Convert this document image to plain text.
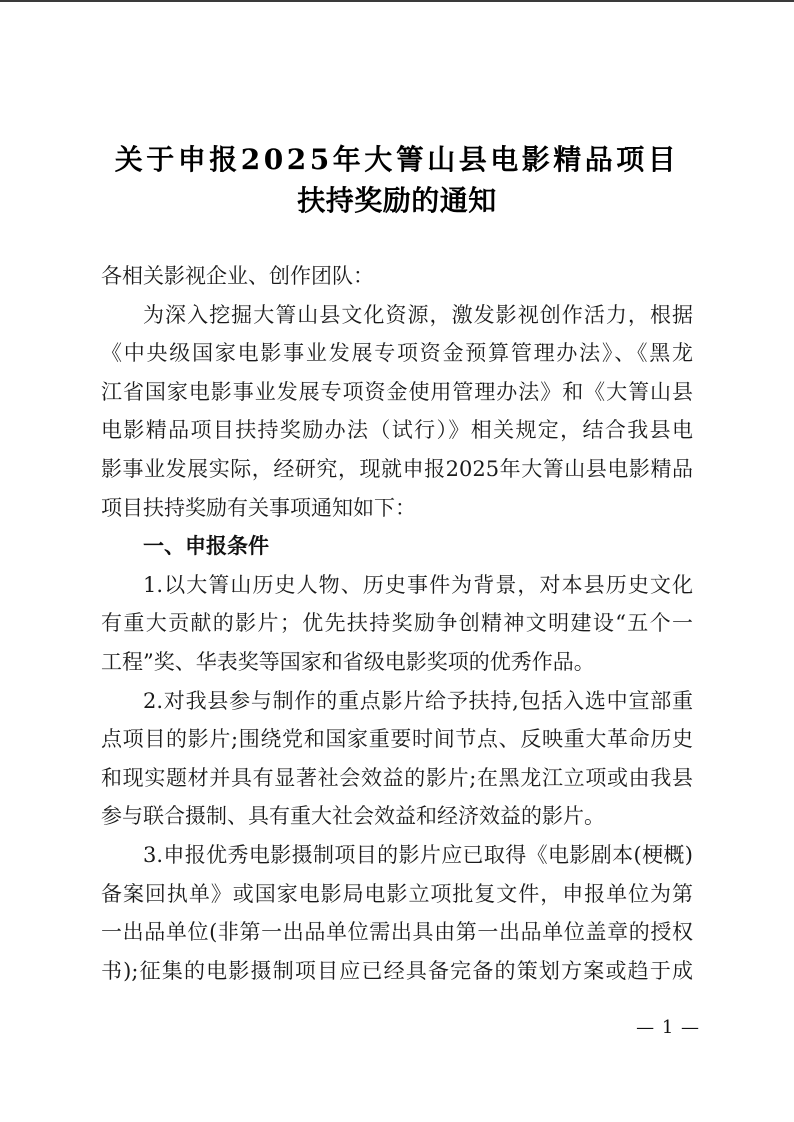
关于申报2025年大箐山县电影精品项目
扶持奖励的通知
各相关影视企业、创作团队：
为深入挖掘大箐山县文化资源，激发影视创作活力，根据
《中央级国家电影事业发展专项资金预算管理办法》、《黑龙
江省国家电影事业发展专项资金使用管理办法》和《大箐山县
电影精品项目扶持奖励办法（试行）》相关规定，结合我县电
影事业发展实际，经研究，现就申报2025年大箐山县电影精品
项目扶持奖励有关事项通知如下：
一、申报条件
1.以大箐山历史人物、历史事件为背景，对本县历史文化
有重大贡献的影片；优先扶持奖励争创精神文明建设“五个一
工程”奖、华表奖等国家和省级电影奖项的优秀作品。
2.对我县参与制作的重点影片给予扶持,包括入选中宣部重
点项目的影片;围绕党和国家重要时间节点、反映重大革命历史
和现实题材并具有显著社会效益的影片;在黑龙江立项或由我县
参与联合摄制、具有重大社会效益和经济效益的影片。
3.申报优秀电影摄制项目的影片应已取得《电影剧本(梗概)
备案回执单》或国家电影局电影立项批复文件，申报单位为第
一出品单位(非第一出品单位需出具由第一出品单位盖章的授权
书);征集的电影摄制项目应已经具备完备的策划方案或趋于成
— 1 —
